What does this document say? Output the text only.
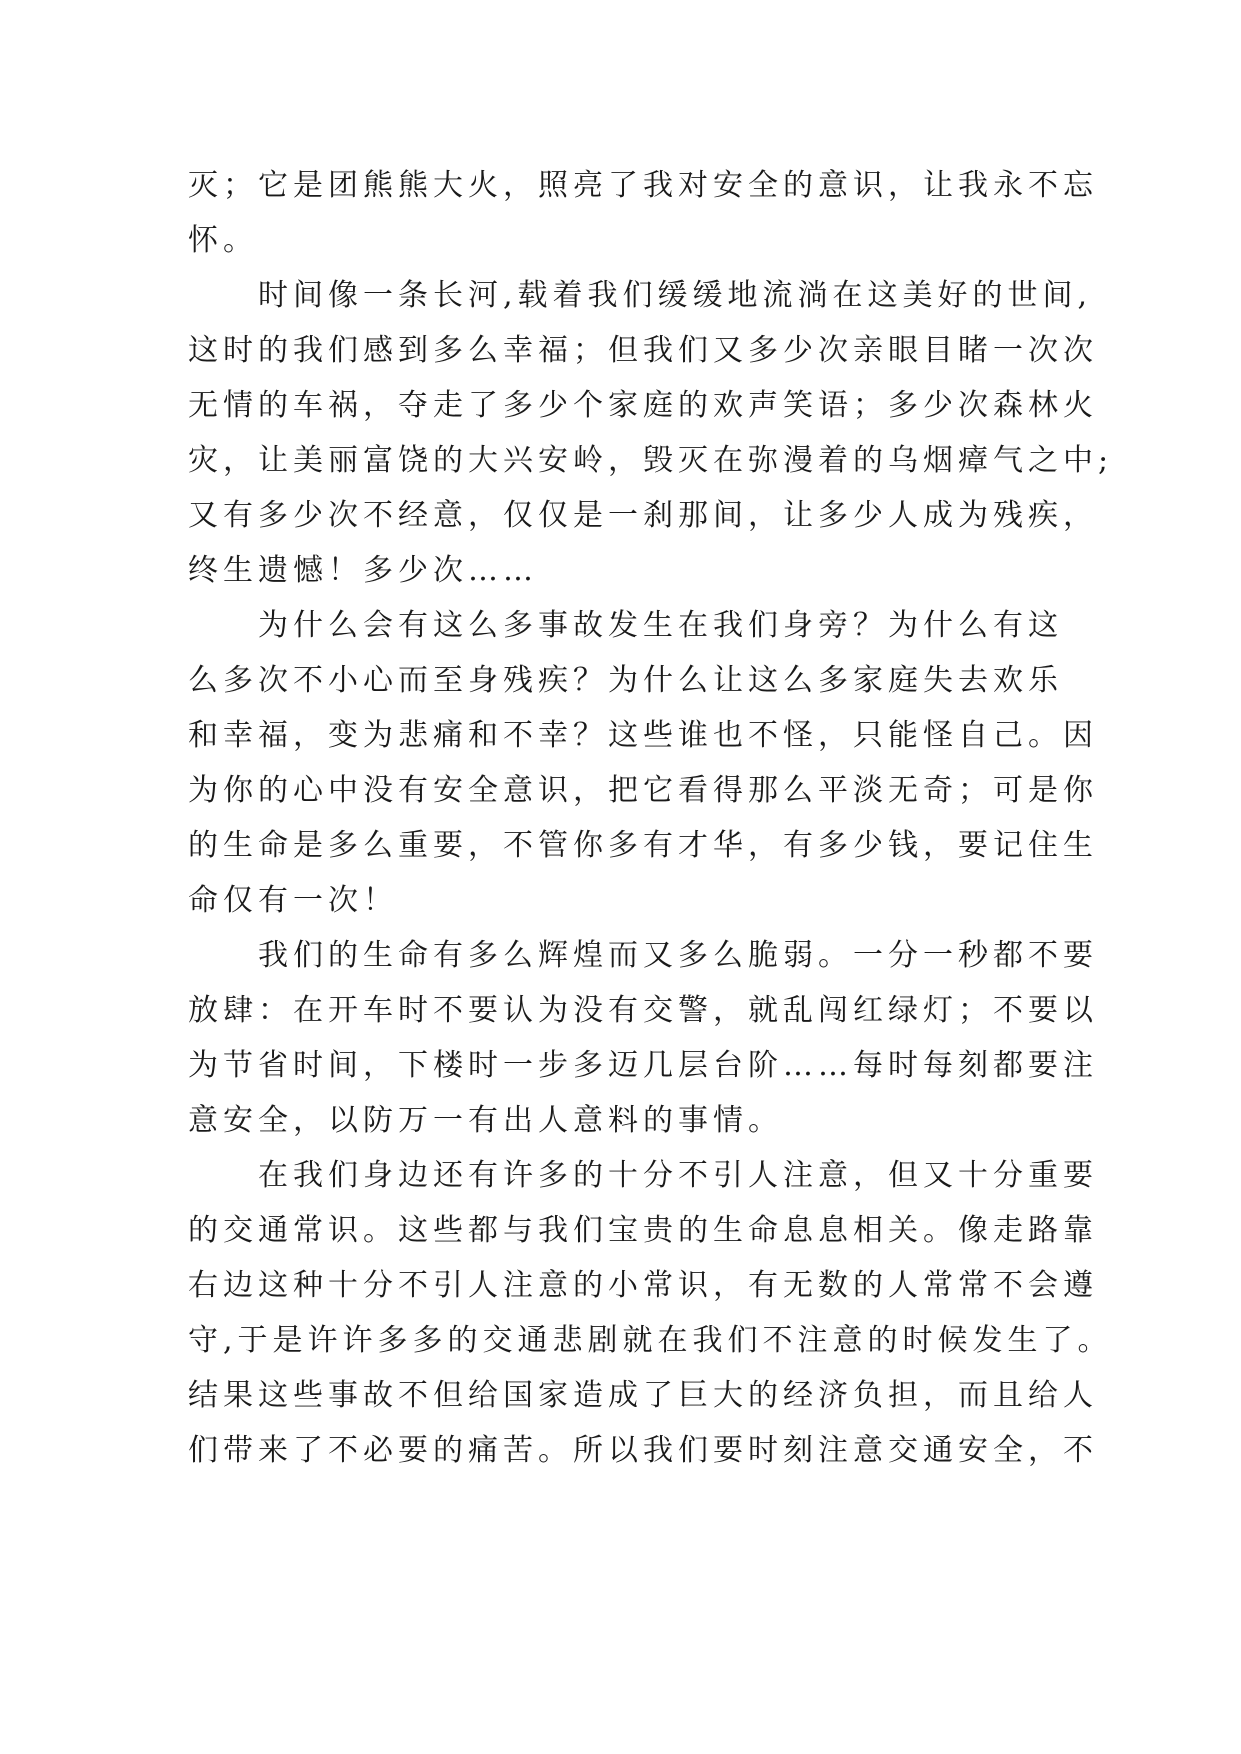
灭；它是团熊熊大火，照亮了我对安全的意识，让我永不忘
怀。
时间像一条长河,载着我们缓缓地流淌在这美好的世间,
这时的我们感到多么幸福；但我们又多少次亲眼目睹一次次
无情的车祸，夺走了多少个家庭的欢声笑语；多少次森林火
灾，让美丽富饶的大兴安岭，毁灭在弥漫着的乌烟瘴气之中;
又有多少次不经意，仅仅是一刹那间，让多少人成为残疾，
终生遗憾！多少次……
为什么会有这么多事故发生在我们身旁？为什么有这
么多次不小心而至身残疾？为什么让这么多家庭失去欢乐
和幸福，变为悲痛和不幸？这些谁也不怪，只能怪自己。因
为你的心中没有安全意识，把它看得那么平淡无奇；可是你
的生命是多么重要，不管你多有才华，有多少钱，要记住生
命仅有一次！
我们的生命有多么辉煌而又多么脆弱。一分一秒都不要
放肆：在开车时不要认为没有交警，就乱闯红绿灯；不要以
为节省时间，下楼时一步多迈几层台阶……每时每刻都要注
意安全，以防万一有出人意料的事情。
在我们身边还有许多的十分不引人注意，但又十分重要
的交通常识。这些都与我们宝贵的生命息息相关。像走路靠
右边这种十分不引人注意的小常识，有无数的人常常不会遵
守,于是许许多多的交通悲剧就在我们不注意的时候发生了。
结果这些事故不但给国家造成了巨大的经济负担，而且给人
们带来了不必要的痛苦。所以我们要时刻注意交通安全，不
